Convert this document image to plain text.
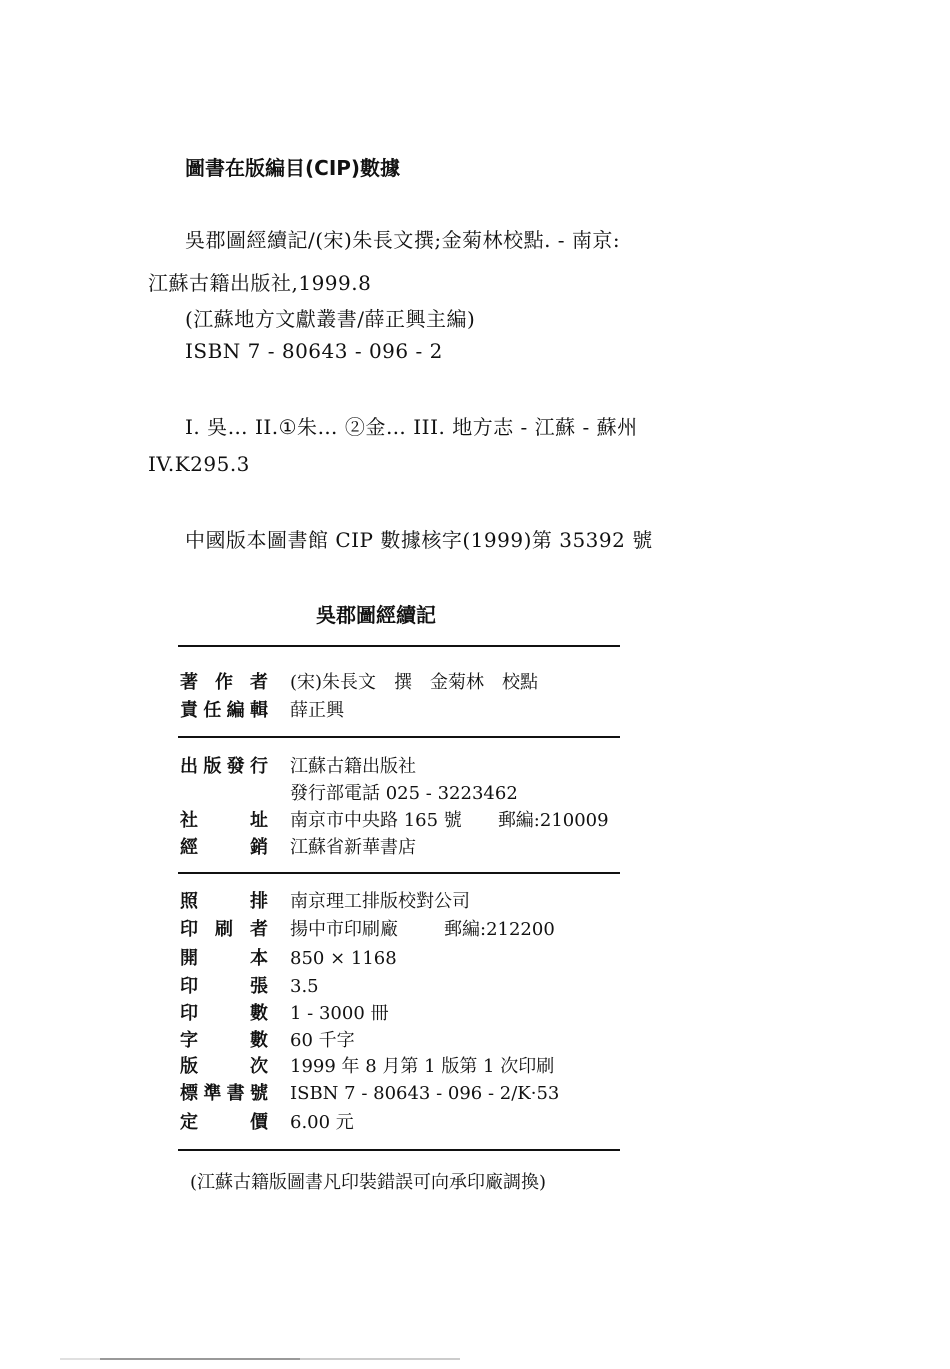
圖書在版編目(CIP)數據
吳郡圖經續記/(宋)朱長文撰;金菊林校點. - 南京:
江蘇古籍出版社,1999.8
(江蘇地方文獻叢書/薛正興主編)
ISBN 7 - 80643 - 096 - 2
I. 吳… II.①朱… ②金… III. 地方志 - 江蘇 - 蘇州
IV.K295.3
中國版本圖書館 CIP 數據核字(1999)第 35392 號
吳郡圖經續記
著作者 (宋)朱長文　撰　金菊林　校點
責任編輯 薛正興
出版發行 江蘇古籍出版社
發行部電話 025 - 3223462
社址 南京市中央路 165 號 郵編:210009
經銷 江蘇省新華書店
照排 南京理工排版校對公司
印刷者 揚中市印刷廠	郵編:212200
開本 850 × 1168
印張 3.5
印數 1 - 3000 冊
字數 60 千字
版次 1999 年 8 月第 1 版第 1 次印刷
標準書號 ISBN 7 - 80643 - 096 - 2/K·53
定價 6.00 元
(江蘇古籍版圖書凡印裝錯誤可向承印廠調換)
